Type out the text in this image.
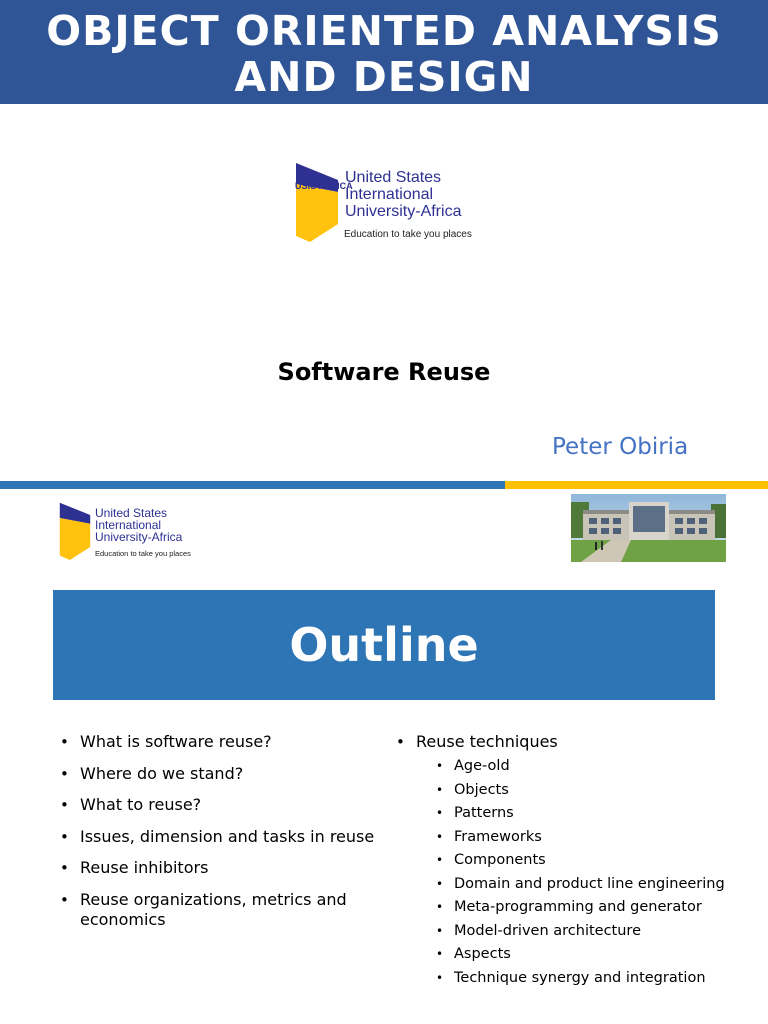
OBJECT ORIENTED ANALYSIS
AND DESIGN
USIU AFRICA
United States
International
University-Africa
Education to take you places
Software Reuse
Peter Obiria
United States
International
University-Africa
Education to take you places
Outline
• What is software reuse?
• Where do we stand?
• What to reuse?
• Issues, dimension and tasks in reuse
• Reuse inhibitors
• Reuse organizations, metrics and economics
• Reuse techniques
• Age-old
• Objects
• Patterns
• Frameworks
• Components
• Domain and product line engineering
• Meta-programming and generator
• Model-driven architecture
• Aspects
• Technique synergy and integration
